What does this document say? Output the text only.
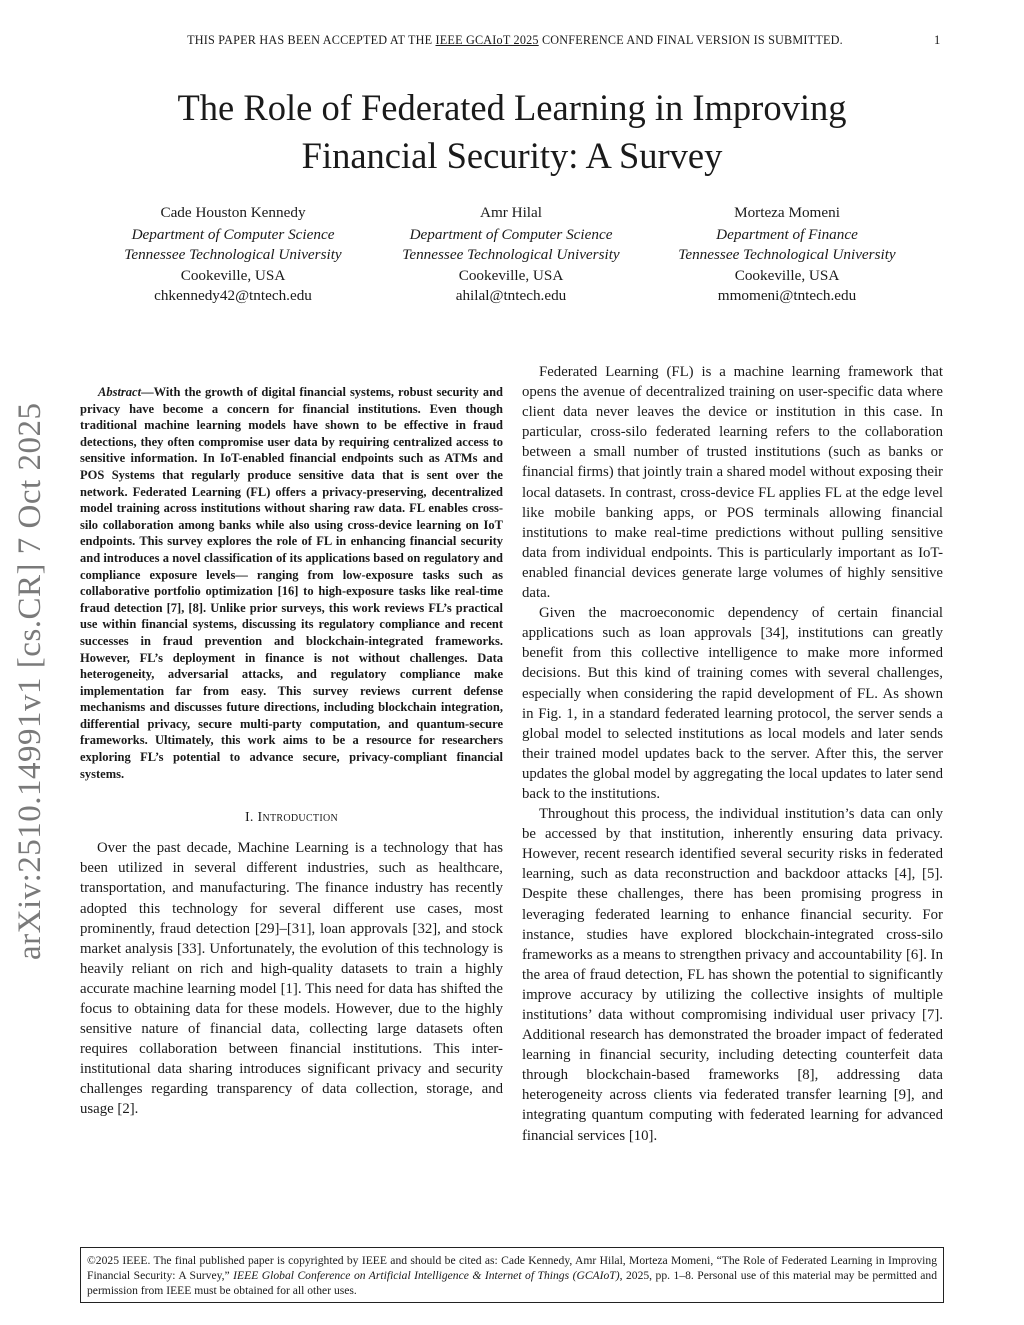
THIS PAPER HAS BEEN ACCEPTED AT THE IEEE GCAIoT 2025 CONFERENCE AND FINAL VERSION IS SUBMITTED.	1
The Role of Federated Learning in Improving
Financial Security: A Survey
Cade Houston Kennedy
Department of Computer Science
Tennessee Technological University
Cookeville, USA
chkennedy42@tntech.edu
Amr Hilal
Department of Computer Science
Tennessee Technological University
Cookeville, USA
ahilal@tntech.edu
Morteza Momeni
Department of Finance
Tennessee Technological University
Cookeville, USA
mmomeni@tntech.edu
arXiv:2510.14991v1 [cs.CR] 7 Oct 2025

Abstract—With the growth of digital financial systems, robust security and privacy have become a concern for financial institutions. Even though traditional machine learning models have shown to be effective in fraud detections, they often compromise user data by requiring centralized access to sensitive information. In IoT-enabled financial endpoints such as ATMs and POS Systems that regularly produce sensitive data that is sent over the network. Federated Learning (FL) offers a privacy-preserving, decentralized model training across institutions without sharing raw data. FL enables cross-silo collaboration among banks while also using cross-device learning on IoT endpoints. This survey explores the role of FL in enhancing financial security and introduces a novel classification of its applications based on regulatory and compliance exposure levels— ranging from low-exposure tasks such as collaborative portfolio optimization [16] to high-exposure tasks like real-time fraud detection [7], [8]. Unlike prior surveys, this work reviews FL’s practical use within financial systems, discussing its regulatory compliance and recent successes in fraud prevention and blockchain-integrated frameworks. However, FL’s deployment in finance is not without challenges. Data heterogeneity, adversarial attacks, and regulatory compliance make implementation far from easy. This survey reviews current defense mechanisms and discusses future directions, including blockchain integration, differential privacy, secure multi-party computation, and quantum-secure frameworks. Ultimately, this work aims to be a resource for researchers exploring FL’s potential to advance secure, privacy-compliant financial systems.

I. Introduction

Over the past decade, Machine Learning is a technology that has been utilized in several different industries, such as healthcare, transportation, and manufacturing. The finance industry has recently adopted this technology for several different use cases, most prominently, fraud detection [29]–[31], loan approvals [32], and stock market analysis [33]. Unfortunately, the evolution of this technology is heavily reliant on rich and high-quality datasets to train a highly accurate machine learning model [1]. This need for data has shifted the focus to obtaining data for these models. However, due to the highly sensitive nature of financial data, collecting large datasets often requires collaboration between financial institutions. This inter-institutional data sharing introduces significant privacy and security challenges regarding transparency of data collection, storage, and usage [2].

Federated Learning (FL) is a machine learning framework that opens the avenue of decentralized training on user-specific data where client data never leaves the device or institution in this case. In particular, cross-silo federated learning refers to the collaboration between a small number of trusted institutions (such as banks or financial firms) that jointly train a shared model without exposing their local datasets. In contrast, cross-device FL applies FL at the edge level like mobile banking apps, or POS terminals allowing financial institutions to make real-time predictions without pulling sensitive data from individual endpoints. This is particularly important as IoT-enabled financial devices generate large volumes of highly sensitive data.

Given the macroeconomic dependency of certain financial applications such as loan approvals [34], institutions can greatly benefit from this collective intelligence to make more informed decisions. But this kind of training comes with several challenges, especially when considering the rapid development of FL. As shown in Fig. 1, in a standard federated learning protocol, the server sends a global model to selected institutions as local models and later sends their trained model updates back to the server. After this, the server updates the global model by aggregating the local updates to later send back to the institutions.

Throughout this process, the individual institution’s data can only be accessed by that institution, inherently ensuring data privacy. However, recent research identified several security risks in federated learning, such as data reconstruction and backdoor attacks [4], [5]. Despite these challenges, there has been promising progress in leveraging federated learning to enhance financial security. For instance, studies have explored blockchain-integrated cross-silo frameworks as a means to strengthen privacy and accountability [6]. In the area of fraud detection, FL has shown the potential to significantly improve accuracy by utilizing the collective insights of multiple institutions’ data without compromising individual user privacy [7]. Additional research has demonstrated the broader impact of federated learning in financial security, including detecting counterfeit data through blockchain-based frameworks [8], addressing data heterogeneity across clients via federated transfer learning [9], and integrating quantum computing with federated learning for advanced financial services [10].

©2025 IEEE. The final published paper is copyrighted by IEEE and should be cited as: Cade Kennedy, Amr Hilal, Morteza Momeni, “The Role of Federated Learning in Improving Financial Security: A Survey,” IEEE Global Conference on Artificial Intelligence & Internet of Things (GCAIoT), 2025, pp. 1–8. Personal use of this material may be permitted and permission from IEEE must be obtained for all other uses.
